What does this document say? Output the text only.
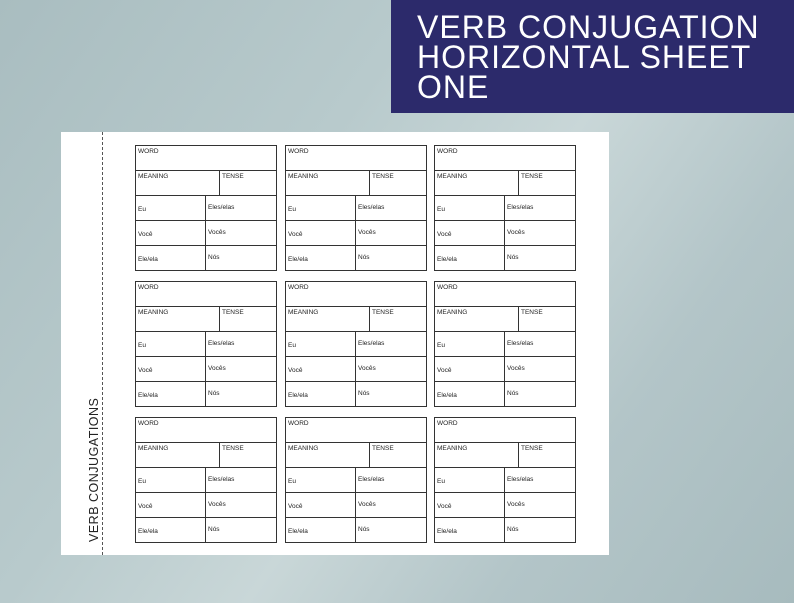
VERB CONJUGATION
HORIZONTAL SHEET
ONE
VERB CONJUGATIONS
WORD
MEANING	TENSE
Eu	Eles/elas
Você	Vocês
Ele/ela	Nós
WORD
MEANING	TENSE
Eu	Eles/elas
Você	Vocês
Ele/ela	Nós
WORD
MEANING	TENSE
Eu	Eles/elas
Você	Vocês
Ele/ela	Nós
WORD
MEANING	TENSE
Eu	Eles/elas
Você	Vocês
Ele/ela	Nós
WORD
MEANING	TENSE
Eu	Eles/elas
Você	Vocês
Ele/ela	Nós
WORD
MEANING	TENSE
Eu	Eles/elas
Você	Vocês
Ele/ela	Nós
WORD
MEANING	TENSE
Eu	Eles/elas
Você	Vocês
Ele/ela	Nós
WORD
MEANING	TENSE
Eu	Eles/elas
Você	Vocês
Ele/ela	Nós
WORD
MEANING	TENSE
Eu	Eles/elas
Você	Vocês
Ele/ela	Nós
